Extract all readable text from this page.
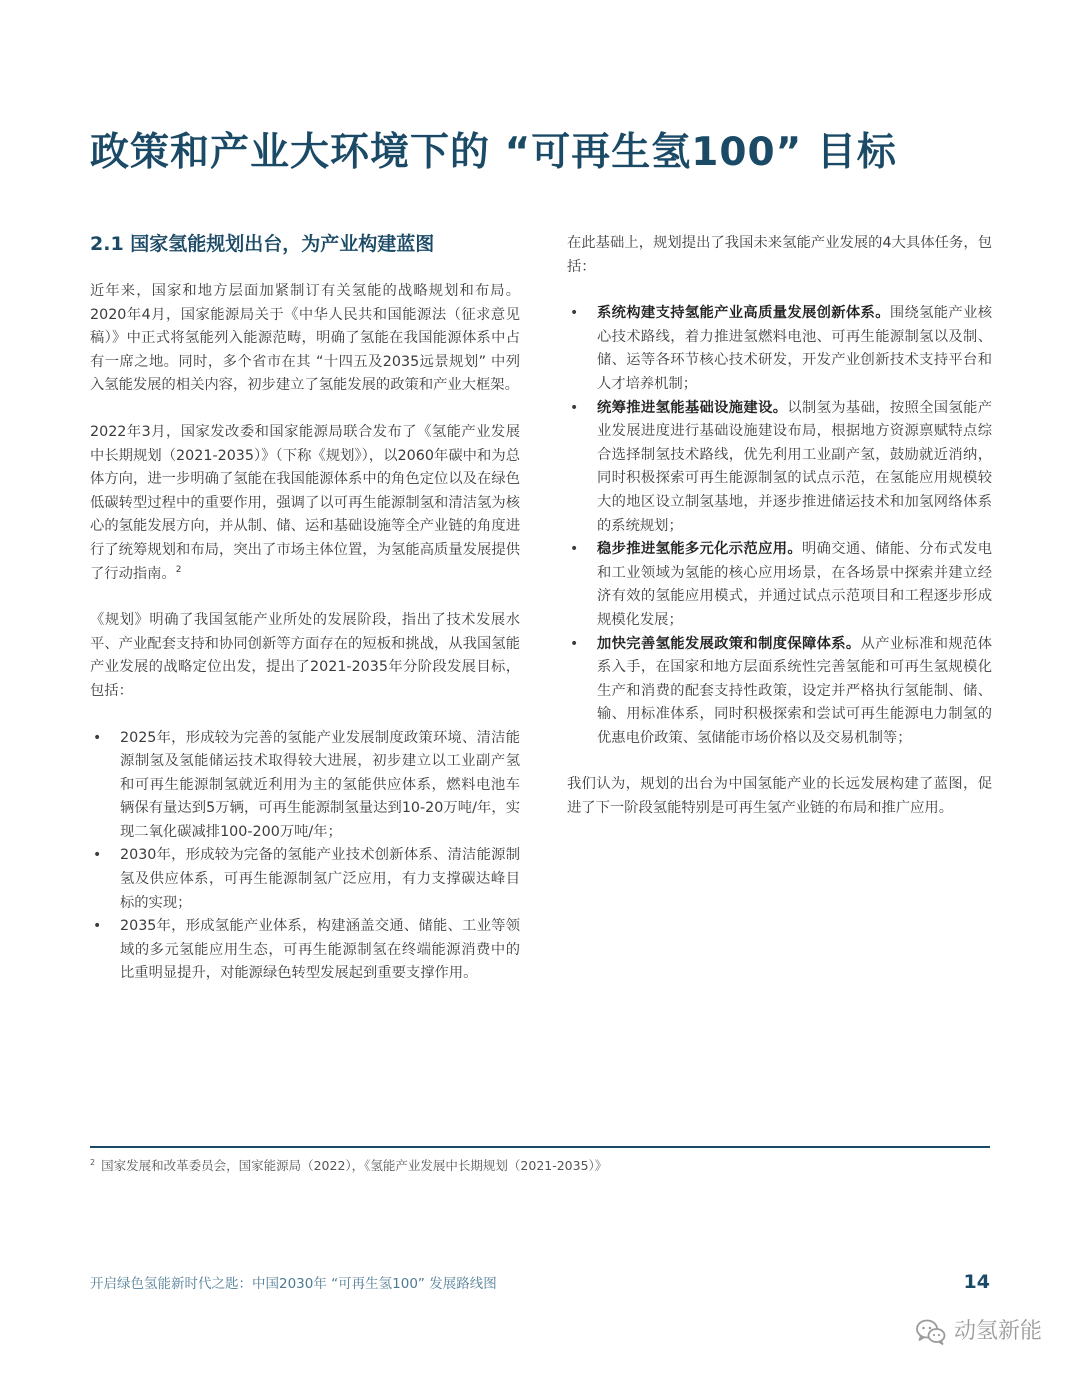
政策和产业大环境下的 “可再生氢100” 目标
2.1 国家氢能规划出台，为产业构建蓝图

近年来，国家和地方层面加紧制订有关氢能的战略规划和布局。2020年4月，国家能源局关于《中华人民共和国能源法（征求意见稿）》中正式将氢能列入能源范畴，明确了氢能在我国能源体系中占有一席之地。同时，多个省市在其 “十四五及2035远景规划” 中列入氢能发展的相关内容，初步建立了氢能发展的政策和产业大框架。

2022年3月，国家发改委和国家能源局联合发布了《氢能产业发展中长期规划（2021-2035）》（下称《规划》），以2060年碳中和为总体方向，进一步明确了氢能在我国能源体系中的角色定位以及在绿色低碳转型过程中的重要作用，强调了以可再生能源制氢和清洁氢为核心的氢能发展方向，并从制、储、运和基础设施等全产业链的角度进行了统筹规划和布局，突出了市场主体位置，为氢能高质量发展提供了行动指南。$^2$

《规划》明确了我国氢能产业所处的发展阶段，指出了技术发展水平、产业配套支持和协同创新等方面存在的短板和挑战，从我国氢能产业发展的战略定位出发，提出了2021-2035年分阶段发展目标，包括：

• 2025年，形成较为完善的氢能产业发展制度政策环境、清洁能源制氢及氢能储运技术取得较大进展，初步建立以工业副产氢和可再生能源制氢就近利用为主的氢能供应体系，燃料电池车辆保有量达到5万辆，可再生能源制氢量达到10-20万吨/年，实现二氧化碳减排100-200万吨/年；
• 2030年，形成较为完备的氢能产业技术创新体系、清洁能源制氢及供应体系，可再生能源制氢广泛应用，有力支撑碳达峰目标的实现；
• 2035年，形成氢能产业体系，构建涵盖交通、储能、工业等领域的多元氢能应用生态，可再生能源制氢在终端能源消费中的比重明显提升，对能源绿色转型发展起到重要支撑作用。

在此基础上，规划提出了我国未来氢能产业发展的4大具体任务，包括：

• 系统构建支持氢能产业高质量发展创新体系。围绕氢能产业核心技术路线，着力推进氢燃料电池、可再生能源制氢以及制、储、运等各环节核心技术研发，开发产业创新技术支持平台和人才培养机制；
• 统筹推进氢能基础设施建设。以制氢为基础，按照全国氢能产业发展进度进行基础设施建设布局，根据地方资源禀赋特点综合选择制氢技术路线，优先利用工业副产氢，鼓励就近消纳，同时积极探索可再生能源制氢的试点示范，在氢能应用规模较大的地区设立制氢基地，并逐步推进储运技术和加氢网络体系的系统规划；
• 稳步推进氢能多元化示范应用。明确交通、储能、分布式发电和工业领域为氢能的核心应用场景，在各场景中探索并建立经济有效的氢能应用模式，并通过试点示范项目和工程逐步形成规模化发展；
• 加快完善氢能发展政策和制度保障体系。从产业标准和规范体系入手，在国家和地方层面系统性完善氢能和可再生氢规模化生产和消费的配套支持性政策，设定并严格执行氢能制、储、输、用标准体系，同时积极探索和尝试可再生能源电力制氢的优惠电价政策、氢储能市场价格以及交易机制等；

我们认为，规划的出台为中国氢能产业的长远发展构建了蓝图，促进了下一阶段氢能特别是可再生氢产业链的布局和推广应用。

$^2$ 国家发展和改革委员会，国家能源局（2022），《氢能产业发展中长期规划（2021-2035）》
开启绿色氢能新时代之匙：中国2030年 “可再生氢100” 发展路线图	14
动氢新能
